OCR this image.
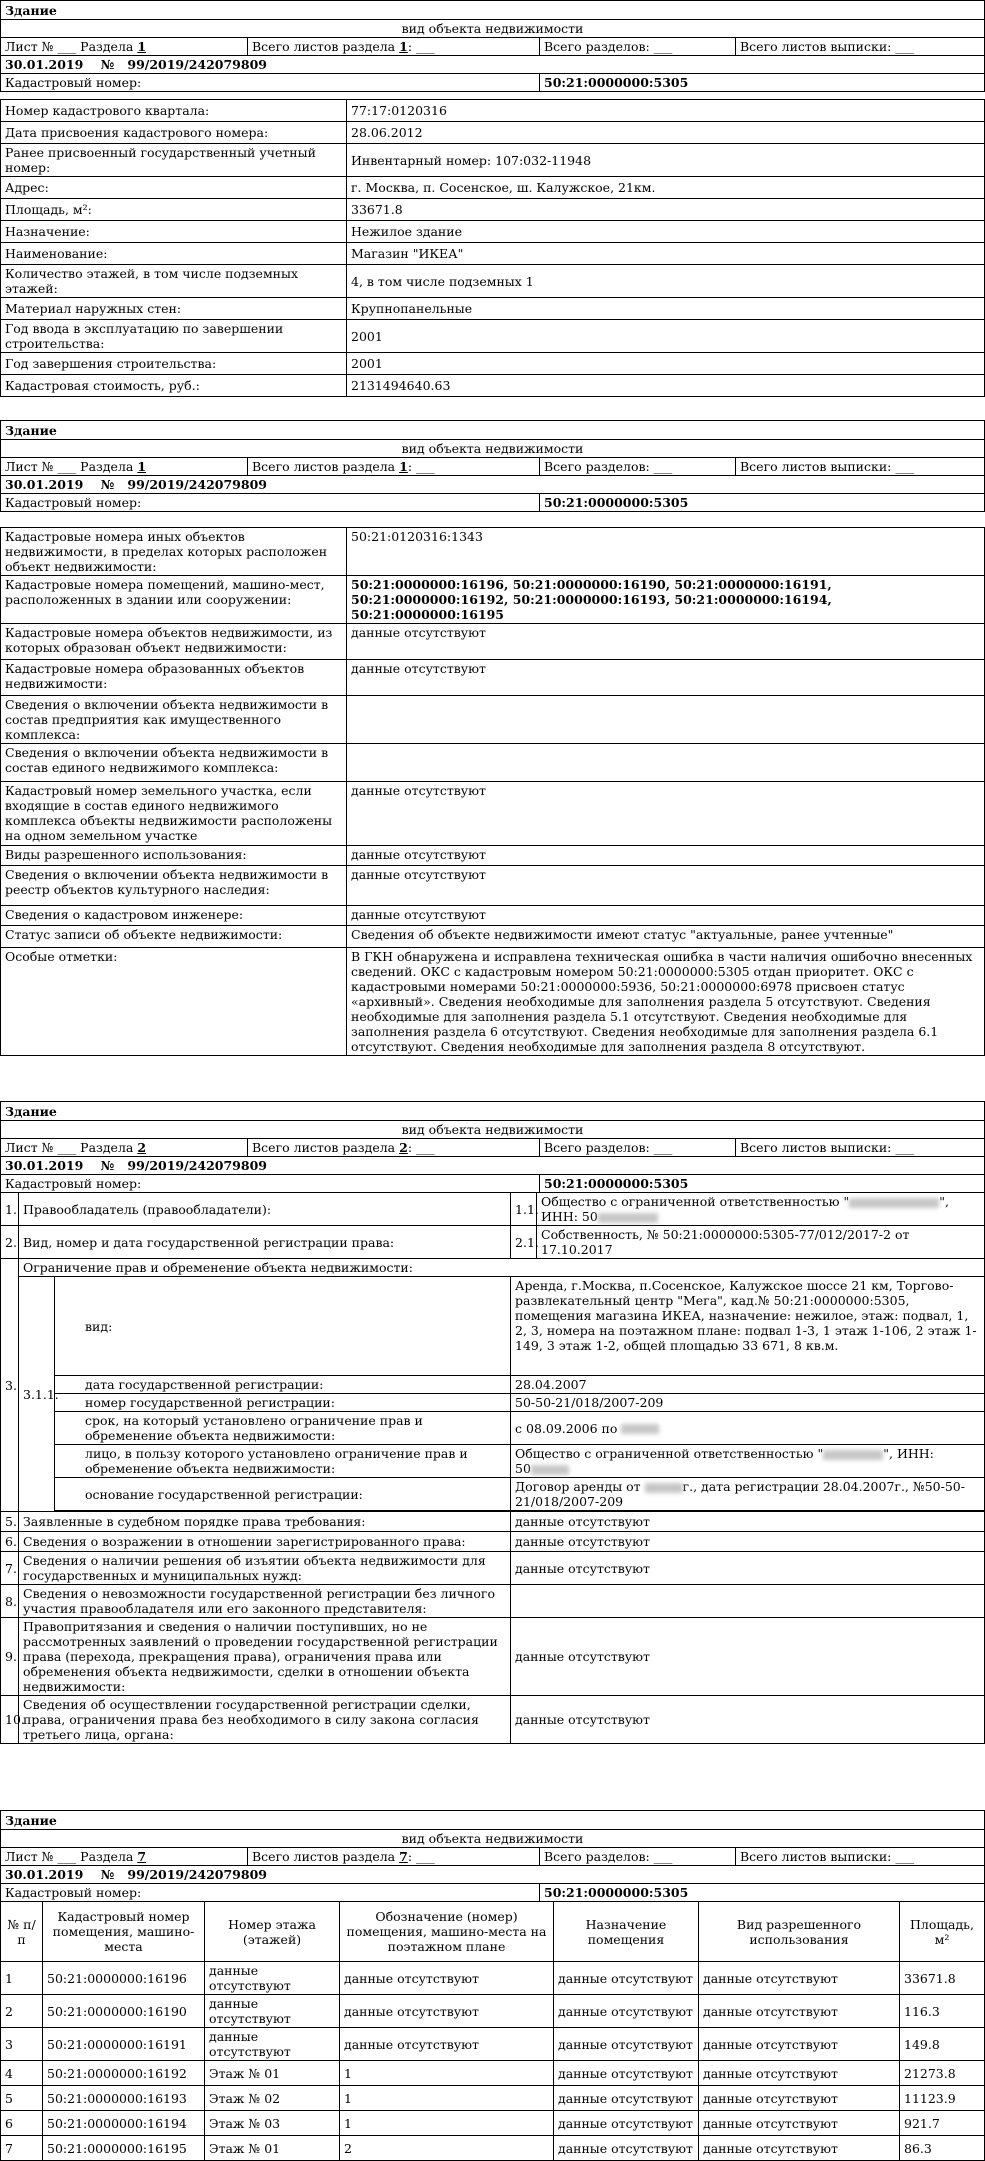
Здание			
вид объекта недвижимости			
Лист № ___ Раздела 1	Всего листов раздела 1: ___	Всего разделов: ___	Всего листов выписки: ___
30.01.2019 № 99/2019/242079809			
Кадастровый номер:		50:21:0000000:5305	

Номер кадастрового квартала:	77:17:0120316
Дата присвоения кадастрового номера:	28.06.2012
Ранее присвоенный государственный учетный номер:	Инвентарный номер: 107:032-11948
Адрес:	г. Москва, п. Сосенское, ш. Калужское, 21км.
Площадь, м²:	33671.8
Назначение:	Нежилое здание
Наименование:	Магазин "ИКЕА"
Количество этажей, в том числе подземных этажей:	4, в том числе подземных 1
Материал наружных стен:	Крупнопанельные
Год ввода в эксплуатацию по завершении строительства:	2001
Год завершения строительства:	2001
Кадастровая стоимость, руб.:	2131494640.63
Здание			
вид объекта недвижимости			
Лист № ___ Раздела 1	Всего листов раздела 1: ___	Всего разделов: ___	Всего листов выписки: ___
30.01.2019 № 99/2019/242079809			
Кадастровый номер:		50:21:0000000:5305	

Кадастровые номера иных объектов недвижимости, в пределах которых расположен объект недвижимости:	50:21:0120316:1343
Кадастровые номера помещений, машино-мест, расположенных в здании или сооружении:	50:21:0000000:16196, 50:21:0000000:16190, 50:21:0000000:16191, 50:21:0000000:16192, 50:21:0000000:16193, 50:21:0000000:16194, 50:21:0000000:16195
Кадастровые номера объектов недвижимости, из которых образован объект недвижимости:	данные отсутствуют
Кадастровые номера образованных объектов недвижимости:	данные отсутствуют
Сведения о включении объекта недвижимости в состав предприятия как имущественного комплекса:	
Сведения о включении объекта недвижимости в состав единого недвижимого комплекса:	
Кадастровый номер земельного участка, если входящие в состав единого недвижимого комплекса объекты недвижимости расположены на одном земельном участке	данные отсутствуют
Виды разрешенного использования:	данные отсутствуют
Сведения о включении объекта недвижимости в реестр объектов культурного наследия:	данные отсутствуют
Сведения о кадастровом инженере:	данные отсутствуют
Статус записи об объекте недвижимости:	Сведения об объекте недвижимости имеют статус "актуальные, ранее учтенные"
Особые отметки:	В ГКН обнаружена и исправлена техническая ошибка в части наличия ошибочно внесенных сведений. ОКС с кадастровым номером 50:21:0000000:5305 отдан приоритет. ОКС с кадастровыми номерами 50:21:0000000:5936, 50:21:0000000:6978 присвоен статус «архивный». Сведения необходимые для заполнения раздела 5 отсутствуют. Сведения необходимые для заполнения раздела 5.1 отсутствуют. Сведения необходимые для заполнения раздела 6 отсутствуют. Сведения необходимые для заполнения раздела 6.1 отсутствуют. Сведения необходимые для заполнения раздела 8 отсутствуют.
Здание			
вид объекта недвижимости			
Лист № ___ Раздела 2	Всего листов раздела 2: ___	Всего разделов: ___	Всего листов выписки: ___
30.01.2019 № 99/2019/242079809			
Кадастровый номер:		50:21:0000000:5305	
1.	Правообладатель (правообладатели):		1.1.	Общество с ограниченной ответственностью " ", ИНН: 50
2.	Вид, номер и дата государственной регистрации права:		2.1.	Собственность, № 50:21:0000000:5305-77/012/2017-2 от 17.10.2017
3.	Ограничение прав и обременение объекта недвижимости:			
	3.1.1.	вид:	Аренда, г.Москва, п.Сосенское, Калужское шоссе 21 км, Торгово-развлекательный центр "Мега", кад.№ 50:21:0000000:5305, помещения магазина ИКЕА, назначение: нежилое, этаж: подвал, 1, 2, 3, номера на поэтажном плане: подвал 1-3, 1 этаж 1-106, 2 этаж 1-149, 3 этаж 1-2, общей площадью 33 671, 8 кв.м.	
		дата государственной регистрации:	28.04.2007	
		номер государственной регистрации:	50-50-21/018/2007-209	
		срок, на который установлено ограничение прав и обременение объекта недвижимости:	с 08.09.2006 по	
		лицо, в пользу которого установлено ограничение прав и обременение объекта недвижимости:	Общество с ограниченной ответственностью " ", ИНН:
50	
		основание государственной регистрации:	Договор аренды от г., дата регистрации 28.04.2007г., №50-50-21/018/2007-209	

5.	Заявленные в судебном порядке права требования:		данные отсутствуют	
6.	Сведения о возражении в отношении зарегистрированного права:		данные отсутствуют	
7.	Сведения о наличии решения об изъятии объекта недвижимости для государственных и муниципальных нужд:		данные отсутствуют	
8.	Сведения о невозможности государственной регистрации без личного участия правообладателя или его законного представителя:			
9.	Правопритязания и сведения о наличии поступивших, но не рассмотренных заявлений о проведении государственной регистрации права (перехода, прекращения права), ограничения права или обременения объекта недвижимости, сделки в отношении объекта недвижимости:		данные отсутствуют	
10.	Сведения об осуществлении государственной регистрации сделки, права, ограничения права без необходимого в силу закона согласия третьего лица, органа:		данные отсутствуют	
Здание			
вид объекта недвижимости			
Лист № ___ Раздела 7	Всего листов раздела 7: ___	Всего разделов: ___	Всего листов выписки: ___
30.01.2019 № 99/2019/242079809			
Кадастровый номер:		50:21:0000000:5305	
№ п/п	Кадастровый номер помещения, машино-места	Номер этажа (этажей)	Обозначение (номер) помещения, машино-места на поэтажном плане	Назначение помещения	Вид разрешенного использования	Площадь, м²
1	50:21:0000000:16196	данные отсутствуют	данные отсутствуют	данные отсутствуют	данные отсутствуют	33671.8
2	50:21:0000000:16190	данные отсутствуют	данные отсутствуют	данные отсутствуют	данные отсутствуют	116.3
3	50:21:0000000:16191	данные отсутствуют	данные отсутствуют	данные отсутствуют	данные отсутствуют	149.8
4	50:21:0000000:16192	Этаж № 01	1	данные отсутствуют	данные отсутствуют	21273.8
5	50:21:0000000:16193	Этаж № 02	1	данные отсутствуют	данные отсутствуют	11123.9
6	50:21:0000000:16194	Этаж № 03	1	данные отсутствуют	данные отсутствуют	921.7
7	50:21:0000000:16195	Этаж № 01	2	данные отсутствуют	данные отсутствуют	86.3
